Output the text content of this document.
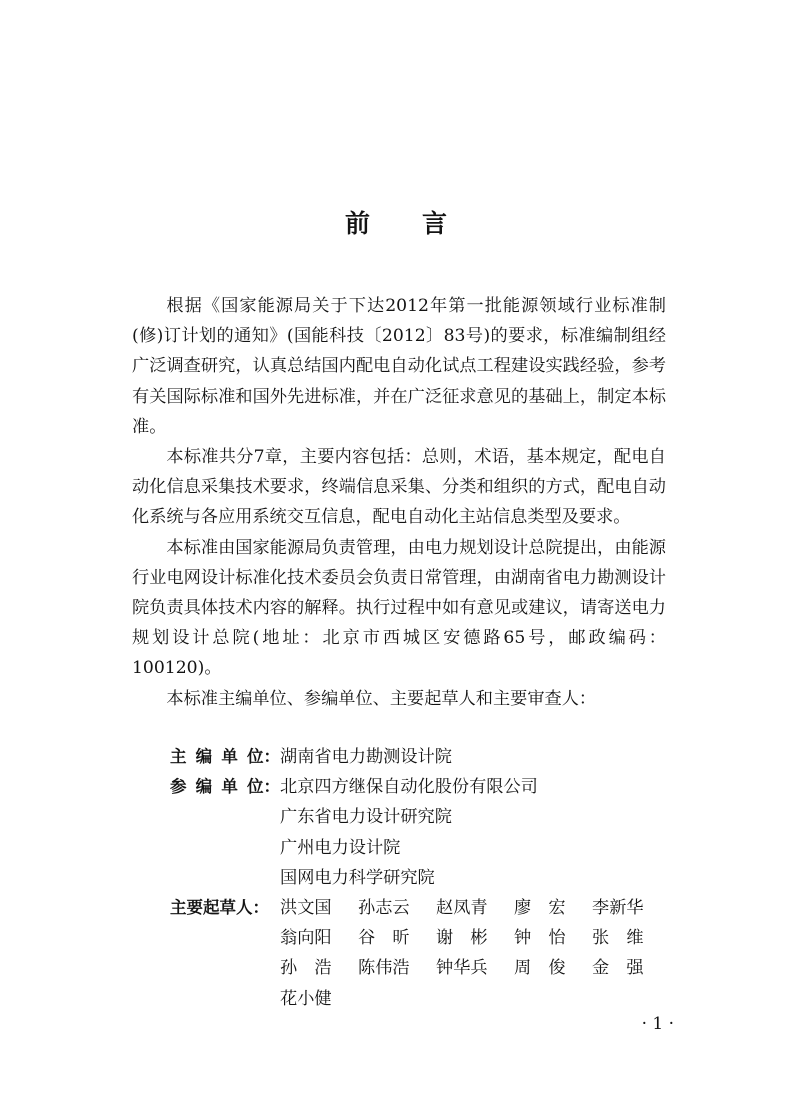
前 言

根据《国家能源局关于下达2012年第一批能源领域行业标准制(修)订计划的通知》(国能科技〔2012〕83号)的要求，标准编制组经广泛调查研究，认真总结国内配电自动化试点工程建设实践经验，参考有关国际标准和国外先进标准，并在广泛征求意见的基础上，制定本标准。

本标准共分7章，主要内容包括：总则，术语，基本规定，配电自动化信息采集技术要求，终端信息采集、分类和组织的方式，配电自动化系统与各应用系统交互信息，配电自动化主站信息类型及要求。

本标准由国家能源局负责管理，由电力规划设计总院提出，由能源行业电网设计标准化技术委员会负责日常管理，由湖南省电力勘测设计院负责具体技术内容的解释。执行过程中如有意见或建议，请寄送电力规划设计总院(地址：北京市西城区安德路65号，邮政编码：100120)。

本标准主编单位、参编单位、主要起草人和主要审查人：

主 编 单 位： 湖南省电力勘测设计院
参 编 单 位： 北京四方继保自动化股份有限公司
广东省电力设计研究院
广州电力设计院
国网电力科学研究院
主要起草人： 洪文国	孙志云	赵凤青	廖　宏	李新华
翁向阳	谷　昕	谢　彬	钟　怡	张　维
孙　浩	陈伟浩	钟华兵	周　俊	金　强
花小健
· 1 ·
